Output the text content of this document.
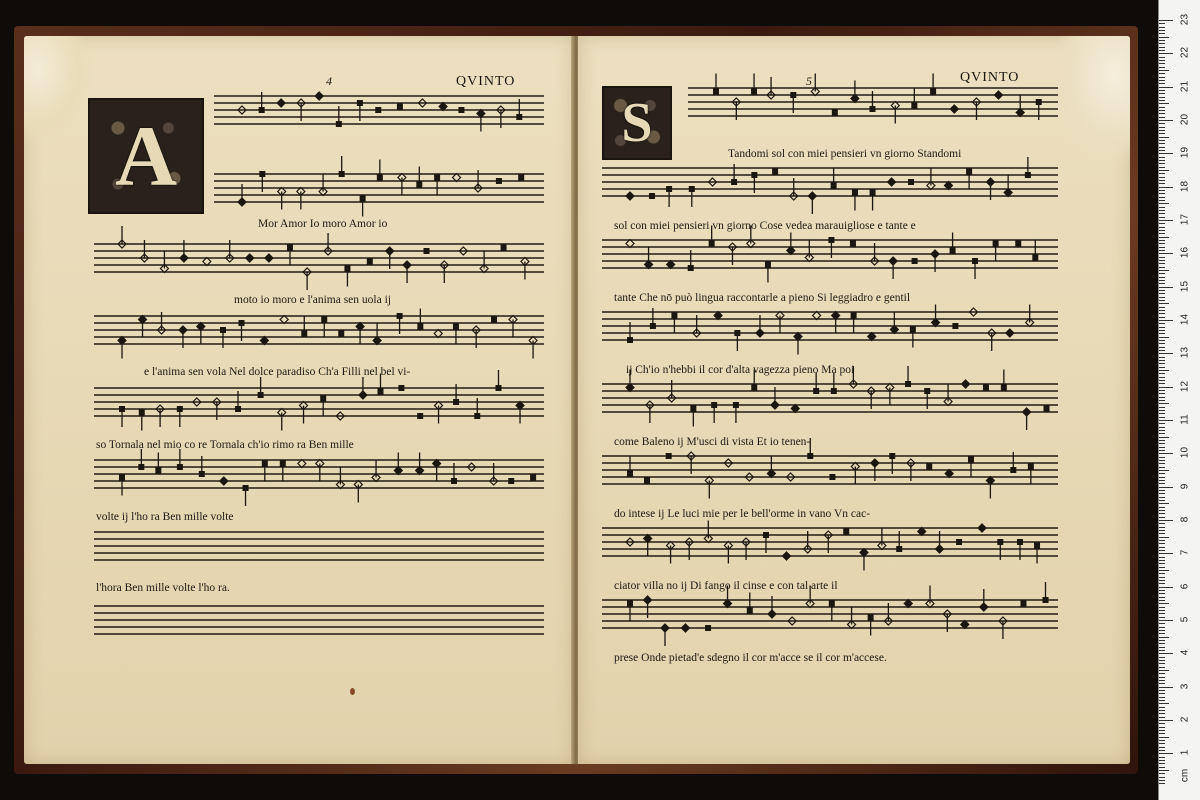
4	QVINTO
A
Mor Amor Io moro Amor io
moto io moro e l'anima sen uola ij
e l'anima sen vola Nel dolce paradiso Ch'a Filli nel bel vi-
so Tornala nel mio co re Tornala ch'io rimo ra Ben mille
volte ij l'ho ra Ben mille volte
l'hora Ben mille volte l'ho ra.
5	QVINTO
S	Tandomi sol con miei pensieri vn giorno Standomi
sol con miei pensieri vn giorno Cose vedea marauigliose e tante e
tante Che nō può lingua raccontarle a pieno Si leggiadro e gentil
ij Ch'io n'hebbi il cor d'alta vagezza pieno Ma poi
come Baleno ij M'usci di vista Et io tenen-
do intese ij Le luci mie per le bell'orme in vano Vn cac-
ciator villa no ij Di fango il cinse e con tal arte il
prese Onde pietad'e sdegno il cor m'acce se il cor m'accese.
23
22
21
20
19
18
17
16
15
14
13
12
11
10
9
8
7
6
5
4
3
2
1
cm
